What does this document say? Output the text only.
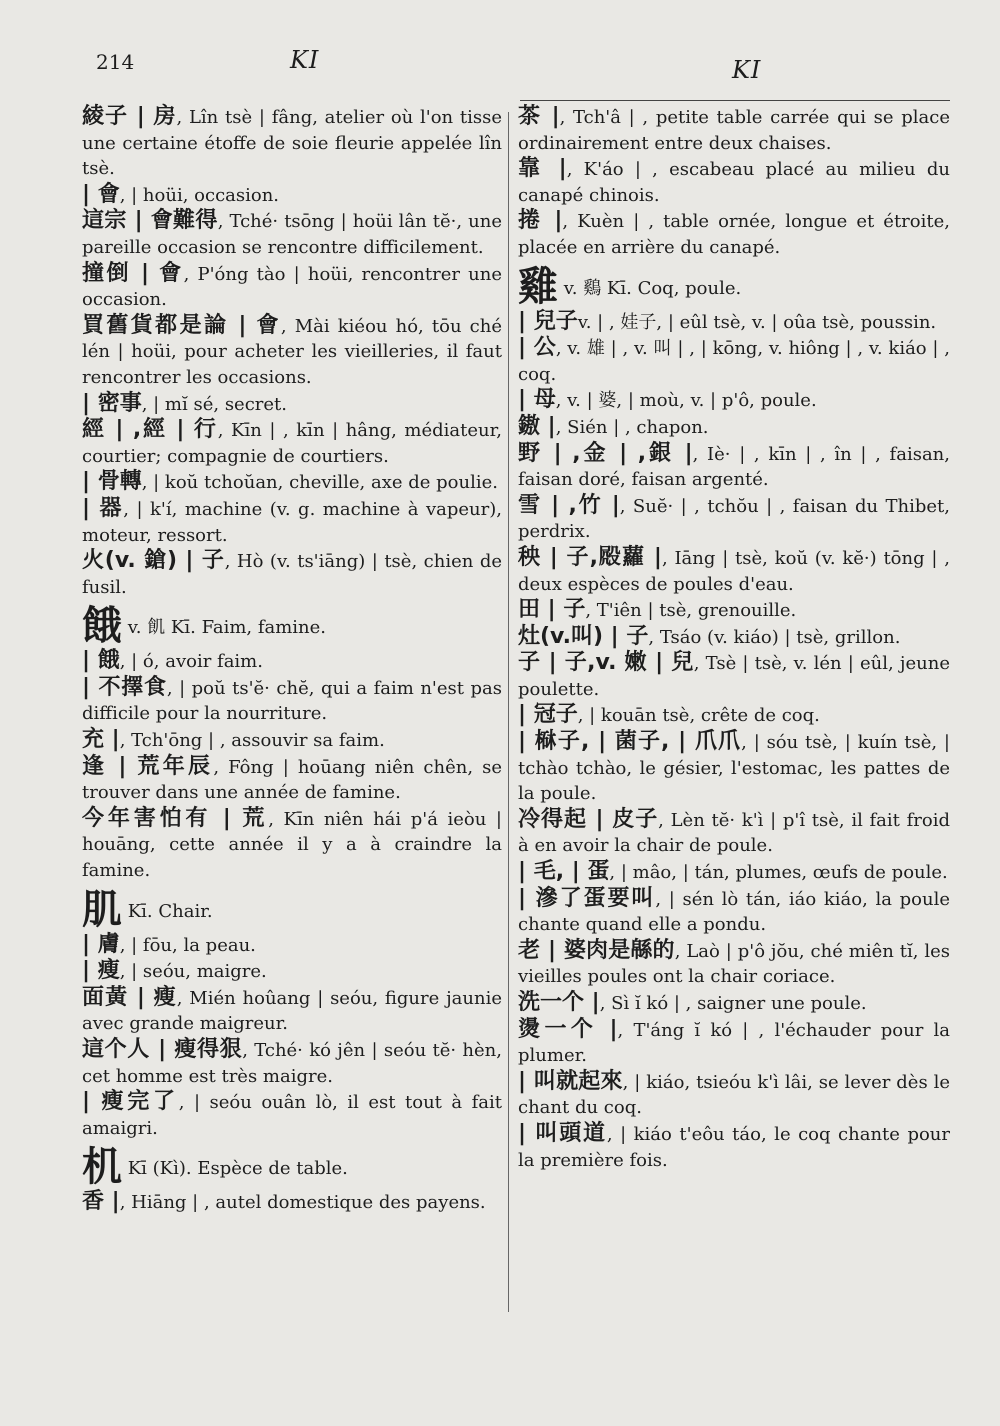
214	KI	KI

綾子 | 房, Lîn tsè | fâng, atelier où l'on tisse une certaine étoffe de soie fleurie appelée lîn tsè.

| 會, | hoüi, occasion.

這宗 | 會難得, Tché· tsōng | hoüi lân tĕ·, une pareille occasion se rencontre difficilement.

撞倒 | 會, P'óng tào | hoüi, rencontrer une occasion.

買舊貨都是論 | 會, Mài kiéou hó, tōu ché lén | hoüi, pour acheter les vieilleries, il faut rencontrer les occasions.

| 密事, | mĭ sé, secret.

經 | ,經 | 行, Kīn | , kīn | hâng, médiateur, courtier; compagnie de courtiers.

| 骨轉, | koŭ tchoŭan, cheville, axe de poulie.

| 器, | k'í, machine (v. g. machine à vapeur), moteur, ressort.

火(v. 鎗) | 子, Hò (v. ts'iāng) | tsè, chien de fusil.

餓 v. 飢 Kī. Faim, famine.

| 餓, | ó, avoir faim.

| 不擇食, | poŭ ts'ĕ· chĕ, qui a faim n'est pas difficile pour la nourriture.

充 |, Tch'ōng | , assouvir sa faim.

逢 | 荒年辰, Fông | hoūang niên chên, se trouver dans une année de famine.

今年害怕有 | 荒, Kīn niên hái p'á ieòu | houāng, cette année il y a à craindre la famine.

肌 Kī. Chair.

| 膚, | fōu, la peau.

| 瘦, | seóu, maigre.

面黃 | 瘦, Mién hoûang | seóu, figure jaunie avec grande maigreur.

這个人 | 瘦得狠, Tché· kó jên | seóu tĕ· hèn, cet homme est très maigre.

| 瘦完了, | seóu ouân lò, il est tout à fait amaigri.

机 Kī (Kì). Espèce de table.

香 |, Hiāng | , autel domestique des payens.

茶 |, Tch'â | , petite table carrée qui se place ordinairement entre deux chaises.

靠 |, K'áo | , escabeau placé au milieu du canapé chinois.

捲 |, Kuèn | , table ornée, longue et étroite, placée en arrière du canapé.

雞 v. 鷄 Kī. Coq, poule.

| 兒子v. | , 娃子, | eûl tsè, v. | oûa tsè, poussin.

| 公, v. 雄 | , v. 叫 | , | kōng, v. hiông | , v. kiáo | , coq.

| 母, v. | 婆, | moù, v. | p'ô, poule.

𨫼 |, Sién | , chapon.

野 | ,金 | ,銀 |, Iè· | , kīn | , în | , faisan, faisan doré, faisan argenté.

雪 | ,竹 |, Suĕ· | , tchŏu | , faisan du Thibet, perdrix.

秧 | 子,𣪍蘿 |, Iāng | tsè, koŭ (v. kĕ·) tōng | , deux espèces de poules d'eau.

田 | 子, T'iên | tsè, grenouille.

灶(v.叫) | 子, Tsáo (v. kiáo) | tsè, grillon.

子 | 子,v. 嫩 | 兒, Tsè | tsè, v. lén | eûl, jeune poulette.

| 冠子, | kouān tsè, crête de coq.

| 㮟子, | 菌子, | 爪爪, | sóu tsè, | kuín tsè, | tchào tchào, le gésier, l'estomac, les pattes de la poule.

冷得起 | 皮子, Lèn tĕ· k'ì | p'î tsè, il fait froid à en avoir la chair de poule.

| 毛, | 蛋, | mâo, | tán, plumes, œufs de poule.

| 滲了蛋要叫, | sén lò tán, iáo kiáo, la poule chante quand elle a pondu.

老 | 婆肉是緜的, Laò | p'ô jŏu, ché miên tĭ, les vieilles poules ont la chair coriace.

洗一个 |, Sì ĭ kó | , saigner une poule.

燙一个 |, T'áng ĭ kó | , l'échauder pour la plumer.

| 叫就起來, | kiáo, tsieóu k'ì lâi, se lever dès le chant du coq.

| 叫頭道, | kiáo t'eôu táo, le coq chante pour la première fois.
